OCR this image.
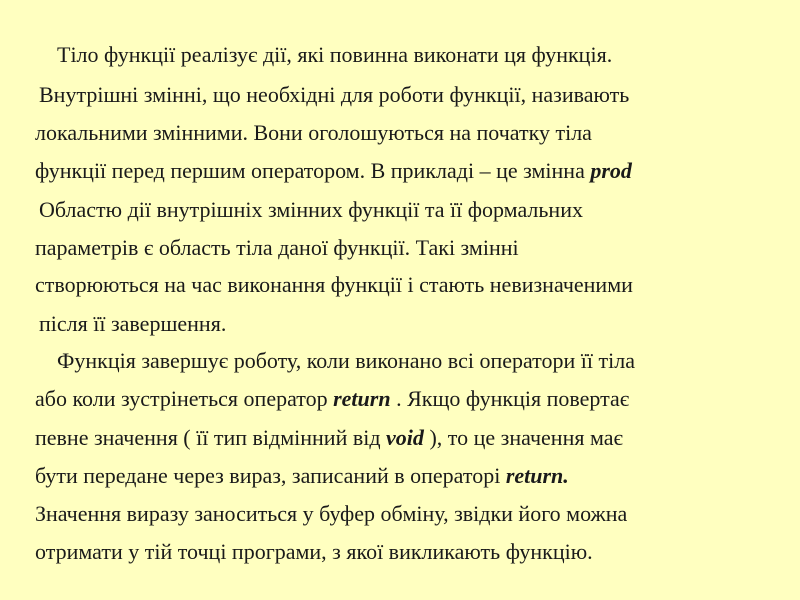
Тіло функції реалізує дії, які повинна виконати ця функція.
Внутрішні змінні, що необхідні для роботи функції, називають
локальними змінними. Вони оголошуються на початку тіла
функції перед першим оператором. В прикладі – це змінна prod
Областю дії внутрішніх змінних функції та її формальних
параметрів є область тіла даної функції. Такі змінні
створюються на час виконання функції і стають невизначеними
після її завершення.
Функція завершує роботу, коли виконано всі оператори її тіла
або коли зустрінеться оператор return . Якщо функція повертає
певне значення ( її тип відмінний від void ), то це значення має
бути передане через вираз, записаний в операторі return.
Значення виразу заноситься у буфер обміну, звідки його можна
отримати у тій точці програми, з якої викликають функцію.
